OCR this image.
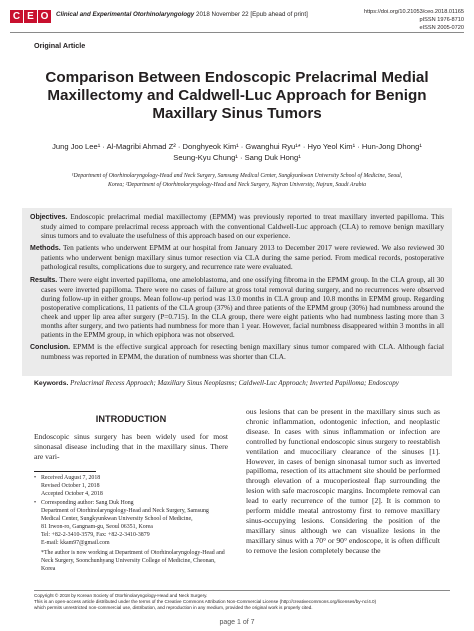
C E O	Clinical and Experimental Otorhinolaryngology 2018 November 22 [Epub ahead of print]	https://doi.org/10.21053/ceo.2018.01165
pISSN 1976-8710
eISSN 2005-0720
Original Article
Comparison Between Endoscopic Prelacrimal Medial Maxillectomy and Caldwell-Luc Approach for Benign Maxillary Sinus Tumors
Jung Joo Lee¹ · Al-Magribi Ahmad Z² · Donghyeok Kim¹ · Gwanghui Ryu¹* · Hyo Yeol Kim¹ · Hun-Jong Dhong¹
Seung-Kyu Chung¹ · Sang Duk Hong¹
¹Department of Otorhinolaryngology-Head and Neck Surgery, Samsung Medical Center, Sungkyunkwan University School of Medicine, Seoul,
Korea; ²Department of Otorhinolaryngology-Head and Neck Surgery, Najran University, Najran, Saudi Arabia

Objectives. Endoscopic prelacrimal medial maxillectomy (EPMM) was previously reported to treat maxillary inverted papilloma. This study aimed to compare prelacrimal recess approach with the conventional Caldwell-Luc approach (CLA) to remove benign maxillary sinus tumors and to evaluate the usefulness of this approach based on our experience.

Methods. Ten patients who underwent EPMM at our hospital from January 2013 to December 2017 were reviewed. We also reviewed 30 patients who underwent benign maxillary sinus tumor resection via CLA during the same period. From medical records, postoperative pathological results, complications due to surgery, and recurrence rate were evaluated.

Results. There were eight inverted papilloma, one ameloblastoma, and one ossifying fibroma in the EPMM group. In the CLA group, all 30 cases were inverted papilloma. There were no cases of failure at gross total removal during surgery, and no recurrences were observed during follow-up in either groups. Mean follow-up period was 13.0 months in CLA group and 10.8 months in EPMM group. Regarding postoperative complications, 11 patients of the CLA group (37%) and three patients of the EPMM group (30%) had numbness around the cheek and upper lip area after surgery (P=0.715). In the CLA group, there were eight patients who had numbness lasting more than 3 months after surgery, and two patients had numbness for more than 1 year. However, facial numbness disappeared within 3 months in all patients in the EPMM group, in which epiphora was not observed.

Conclusion. EPMM is the effective surgical approach for resecting benign maxillary sinus tumor compared with CLA. Although facial numbness was reported in EPMM, the duration of numbness was shorter than CLA.

Keywords. Prelacrimal Recess Approach; Maxillary Sinus Neoplasms; Caldwell-Luc Approach; Inverted Papilloma; Endoscopy
INTRODUCTION

Endoscopic sinus surgery has been widely used for most sinonasal disease including that in the maxillary sinus. There are vari-

• Received August 7, 2018
Revised October 1, 2018
Accepted October 4, 2018
• Corresponding author: Sang Duk Hong
Department of Otorhinolaryngology-Head and Neck Surgery, Samsung
Medical Center, Sungkyunkwan University School of Medicine,
81 Irwon-ro, Gangnam-gu, Seoul 06351, Korea
Tel: +82-2-3410-3579, Fax: +82-2-3410-3879
E-mail: kkam97@gmail.com
*The author is now working at Department of Otorhinolaryngology-Head and Neck Surgery, Soonchunhyang University College of Medicine, Cheonan, Korea

ous lesions that can be present in the maxillary sinus such as chronic inflammation, odontogenic infection, and neoplastic disease. In cases with sinus inflammation or infection are controlled by functional endoscopic sinus surgery to reestablish ventilation and mucociliary clearance of the sinuses [1]. However, in cases of benign sinonasal tumor such as inverted papilloma, resection of its attachment site should be performed through elevation of a mucoperiosteal flap surrounding the lesion with safe macroscopic margins. Incomplete removal can lead to early recurrence of the tumor [2]. It is common to perform middle meatal antrostomy first to remove maxillary sinus-occupying lesions. Considering the position of the maxillary sinus although we can visualize lesions in the maxillary sinus with a 70° or 90° endoscope, it is often difficult to remove the lesion completely because the

Copyright © 2018 by Korean Society of Otorhinolaryngology-Head and Neck Surgery.
This is an open-access article distributed under the terms of the Creative Commons Attribution Non-Commercial License (http://creativecommons.org/licenses/by-nc/4.0)
which permits unrestricted non-commercial use, distribution, and reproduction in any medium, provided the original work is properly cited.
page 1 of 7
